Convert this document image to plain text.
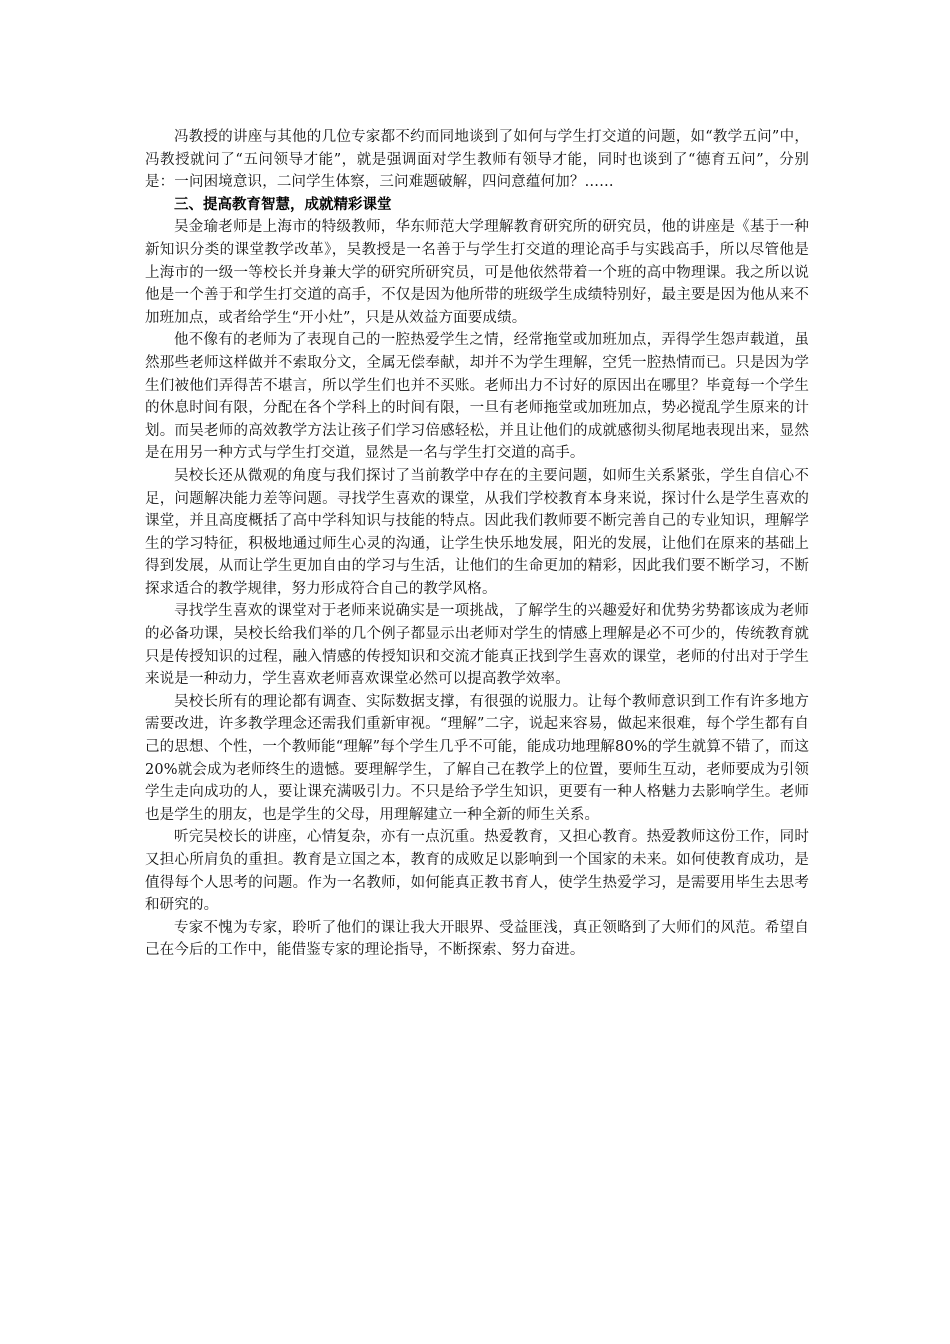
冯教授的讲座与其他的几位专家都不约而同地谈到了如何与学生打交道的问题，如“教学五问”中，冯教授就问了“五问领导才能”，就是强调面对学生教师有领导才能，同时也谈到了“德育五问”，分别是：一问困境意识，二问学生体察，三问难题破解，四问意蕴何加？……

三、提高教育智慧，成就精彩课堂

吴金瑜老师是上海市的特级教师，华东师范大学理解教育研究所的研究员，他的讲座是《基于一种新知识分类的课堂教学改革》，吴教授是一名善于与学生打交道的理论高手与实践高手，所以尽管他是上海市的一级一等校长并身兼大学的研究所研究员，可是他依然带着一个班的高中物理课。我之所以说他是一个善于和学生打交道的高手，不仅是因为他所带的班级学生成绩特别好，最主要是因为他从来不加班加点，或者给学生“开小灶”，只是从效益方面要成绩。

他不像有的老师为了表现自己的一腔热爱学生之情，经常拖堂或加班加点，弄得学生怨声载道，虽然那些老师这样做并不索取分文，全属无偿奉献，却并不为学生理解，空凭一腔热情而已。只是因为学生们被他们弄得苦不堪言，所以学生们也并不买账。老师出力不讨好的原因出在哪里？毕竟每一个学生的休息时间有限，分配在各个学科上的时间有限，一旦有老师拖堂或加班加点，势必搅乱学生原来的计划。而吴老师的高效教学方法让孩子们学习倍感轻松，并且让他们的成就感彻头彻尾地表现出来，显然是在用另一种方式与学生打交道，显然是一名与学生打交道的高手。

吴校长还从微观的角度与我们探讨了当前教学中存在的主要问题，如师生关系紧张，学生自信心不足，问题解决能力差等问题。寻找学生喜欢的课堂，从我们学校教育本身来说，探讨什么是学生喜欢的课堂，并且高度概括了高中学科知识与技能的特点。因此我们教师要不断完善自己的专业知识，理解学生的学习特征，积极地通过师生心灵的沟通，让学生快乐地发展，阳光的发展，让他们在原来的基础上得到发展，从而让学生更加自由的学习与生活，让他们的生命更加的精彩，因此我们要不断学习，不断探求适合的教学规律，努力形成符合自己的教学风格。

寻找学生喜欢的课堂对于老师来说确实是一项挑战，了解学生的兴趣爱好和优势劣势都该成为老师的必备功课，吴校长给我们举的几个例子都显示出老师对学生的情感上理解是必不可少的，传统教育就只是传授知识的过程，融入情感的传授知识和交流才能真正找到学生喜欢的课堂，老师的付出对于学生来说是一种动力，学生喜欢老师喜欢课堂必然可以提高教学效率。

吴校长所有的理论都有调查、实际数据支撑，有很强的说服力。让每个教师意识到工作有许多地方需要改进，许多教学理念还需我们重新审视。“理解”二字，说起来容易，做起来很难，每个学生都有自己的思想、个性，一个教师能“理解”每个学生几乎不可能，能成功地理解80%的学生就算不错了，而这20%就会成为老师终生的遗憾。要理解学生，了解自己在教学上的位置，要师生互动，老师要成为引领学生走向成功的人，要让课充满吸引力。不只是给予学生知识，更要有一种人格魅力去影响学生。老师也是学生的朋友，也是学生的父母，用理解建立一种全新的师生关系。

听完吴校长的讲座，心情复杂，亦有一点沉重。热爱教育，又担心教育。热爱教师这份工作，同时又担心所肩负的重担。教育是立国之本，教育的成败足以影响到一个国家的未来。如何使教育成功，是值得每个人思考的问题。作为一名教师，如何能真正教书育人，使学生热爱学习，是需要用毕生去思考和研究的。

专家不愧为专家，聆听了他们的课让我大开眼界、受益匪浅，真正领略到了大师们的风范。希望自己在今后的工作中，能借鉴专家的理论指导，不断探索、努力奋进。
